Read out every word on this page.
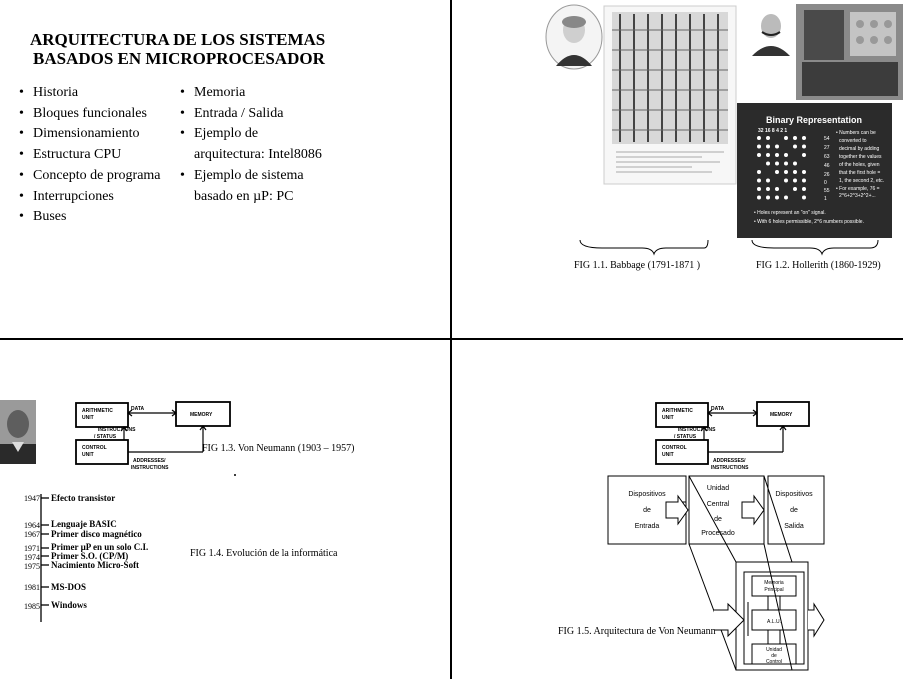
ARQUITECTURA DE LOS SISTEMAS
BASADOS EN MICROPROCESADOR
• Historia
• Bloques funcionales
• Dimensionamiento
• Estructura CPU
• Concepto de programa
• Interrupciones
• Buses
• Memoria
• Entrada / Salida
• Ejemplo de
arquitectura: Intel8086
• Ejemplo de sistema
basado en µP: PC
Binary Representation
32 16 8 4 2 1
54
27
63
46
26
0
55
1
• Numbers can be
converted to
decimal by adding
together the values
of the holes, given
that the first hole =
1, the second 2, etc.
• For example, 76 =
2^6+2^3+2^2+...
• Holes represent an "on" signal.
• With 6 holes permissible, 2^6 numbers possible.
FIG 1.1. Babbage (1791-1871 )	FIG 1.2. Hollerith (1860-1929)
ARITHMETIC
UNIT
DATA
MEMORY
INSTRUCTIONS
/ STATUS
CONTROL
UNIT
ADDRESSES/
INSTRUCTIONS
FIG 1.3. Von Neumann (1903 – 1957)
1947 Efecto transistor
1964 Lenguaje BASIC
1967 Primer disco magnético
1971 Primer µP en un solo C.I.
1974 Primer S.O. (CP/M)
1975 Nacimiento Micro-Soft
1981 MS-DOS
1985 Windows
FIG 1.4. Evolución de la informática
ARITHMETIC
UNIT
DATA
MEMORY
INSTRUCTIONS
/ STATUS
CONTROL
UNIT
ADDRESSES/
INSTRUCTIONS
Dispositivos
de
Entrada
Unidad
Central
de
Procesado
Dispositivos
de
Salida
Memoria
Principal
A.L.U.
Unidad
de
Control
FIG 1.5. Arquitectura de Von Neumann
